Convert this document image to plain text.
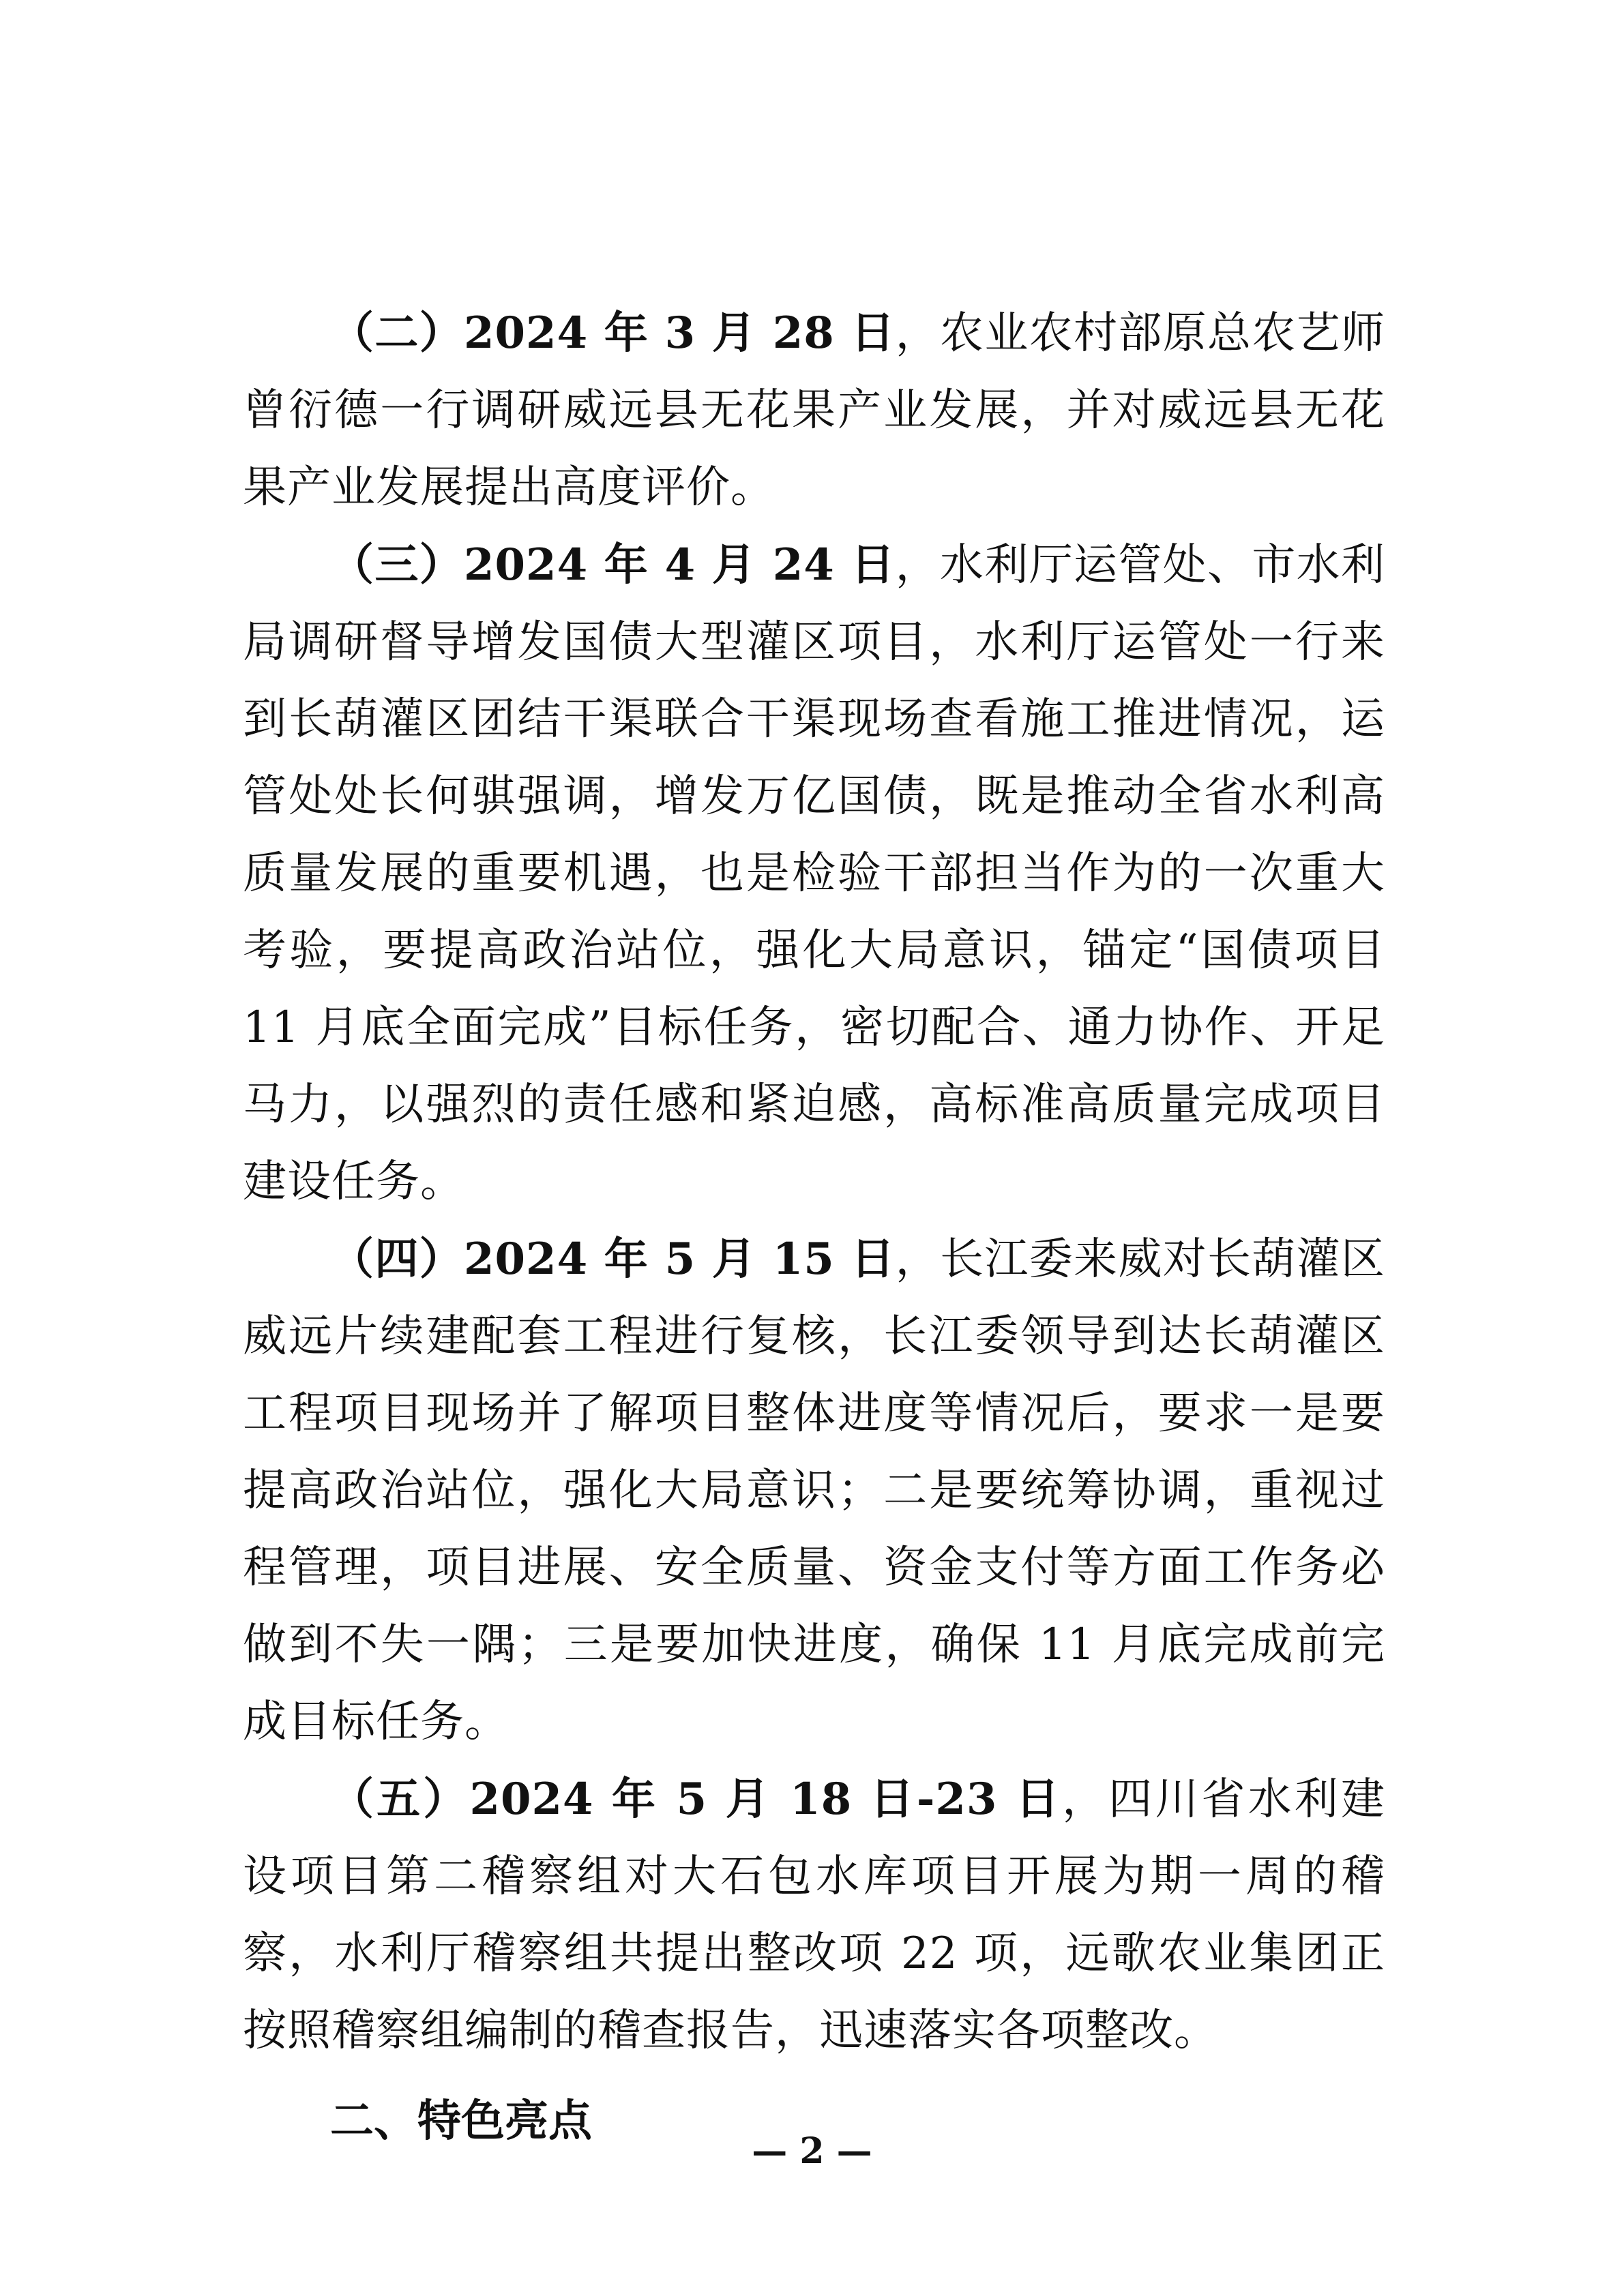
（二）2024 年 3 月 28 日，农业农村部原总农艺师曾衍德一行调研威远县无花果产业发展，并对威远县无花果产业发展提出高度评价。

（三）2024 年 4 月 24 日，水利厅运管处、市水利局调研督导增发国债大型灌区项目，水利厅运管处一行来到长葫灌区团结干渠联合干渠现场查看施工推进情况，运管处处长何骐强调，增发万亿国债，既是推动全省水利高质量发展的重要机遇，也是检验干部担当作为的一次重大考验，要提高政治站位，强化大局意识，锚定“国债项目 11 月底全面完成”目标任务，密切配合、通力协作、开足马力，以强烈的责任感和紧迫感，高标准高质量完成项目建设任务。

（四）2024 年 5 月 15 日，长江委来威对长葫灌区威远片续建配套工程进行复核，长江委领导到达长葫灌区工程项目现场并了解项目整体进度等情况后，要求一是要提高政治站位，强化大局意识；二是要统筹协调，重视过程管理，项目进展、安全质量、资金支付等方面工作务必做到不失一隅；三是要加快进度，确保 11 月底完成前完成目标任务。

（五）2024 年 5 月 18 日-23 日，四川省水利建设项目第二稽察组对大石包水库项目开展为期一周的稽察，水利厅稽察组共提出整改项 22 项，远歌农业集团正按照稽察组编制的稽查报告，迅速落实各项整改。

二、特色亮点
— 2 —
